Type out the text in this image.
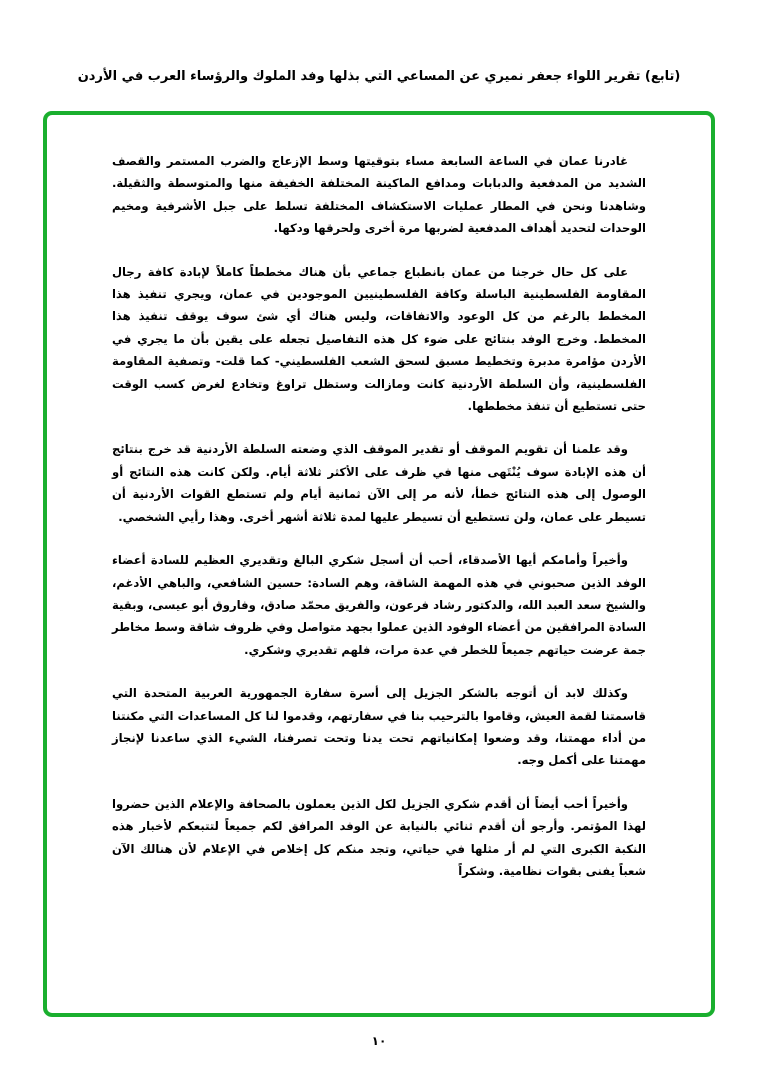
(تابع) تقرير اللواء جعفر نميري عن المساعي التي بذلها وفد الملوك والرؤساء العرب في الأردن

غادرنا عمان في الساعة السابعة مساء بتوقيتها وسط الإزعاج والضرب المستمر والقصف الشديد من المدفعية والدبابات ومدافع الماكينة المختلفة الخفيفة منها والمتوسطة والثقيلة. وشاهدنا ونحن في المطار عمليات الاستكشاف المختلفة تسلط على جبل الأشرفية ومخيم الوحدات لتحديد أهداف المدفعية لضربها مرة أخرى ولحرقها ودكها.

على كل حال خرجنا من عمان بانطباع جماعي بأن هناك مخططاً كاملاً لإبادة كافة رجال المقاومة الفلسطينية الباسلة وكافة الفلسطينيين الموجودين في عمان، ويجري تنفيذ هذا المخطط بالرغم من كل الوعود والاتفاقات، وليس هناك أي شئ سوف يوقف تنفيذ هذا المخطط. وخرج الوفد بنتائج على ضوء كل هذه التفاصيل تجعله على يقين بأن ما يجري في الأردن مؤامرة مدبرة وتخطيط مسبق لسحق الشعب الفلسطيني- كما قلت- وتصفية المقاومة الفلسطينية، وأن السلطة الأردنية كانت ومازالت وستظل تراوغ وتخادع لغرض كسب الوقت حتى تستطيع أن تنفذ مخططها.

وقد علمنا أن تقويم الموقف أو تقدير الموقف الذي وضعته السلطة الأردنية قد خرج بنتائج أن هذه الإبادة سوف يُنْتَهى منها في ظرف على الأكثر ثلاثة أيام. ولكن كانت هذه النتائج أو الوصول إلى هذه النتائج خطأ، لأنه مر إلى الآن ثمانية أيام ولم تستطع القوات الأردنية أن تسيطر على عمان، ولن تستطيع أن تسيطر عليها لمدة ثلاثة أشهر أخرى. وهذا رأيي الشخصي.

وأخيراً وأمامكم أيها الأصدقاء، أحب أن أسجل شكري البالغ وتقديري العظيم للسادة أعضاء الوفد الذين صحبوني في هذه المهمة الشاقة، وهم السادة: حسين الشافعي، والباهي الأدغم، والشيخ سعد العبد الله، والدكتور رشاد فرعون، والفريق محمّد صادق، وفاروق أبو عيسى، وبقية السادة المرافقين من أعضاء الوفود الذين عملوا بجهد متواصل وفي ظروف شاقة وسط مخاطر جمة عرضت حياتهم جميعاً للخطر في عدة مرات، فلهم تقديري وشكري.

وكذلك لابد أن أتوجه بالشكر الجزيل إلى أسرة سفارة الجمهورية العربية المتحدة التي قاسمتنا لقمة العيش، وقاموا بالترحيب بنا في سفارتهم، وقدموا لنا كل المساعدات التي مكنتنا من أداء مهمتنا، وقد وضعوا إمكانياتهم تحت يدنا وتحت تصرفنا، الشيء الذي ساعدنا لإنجاز مهمتنا على أكمل وجه.

وأخيراً أحب أيضاً أن أقدم شكري الجزيل لكل الذين يعملون بالصحافة والإعلام الذين حضروا لهذا المؤتمر. وأرجو أن أقدم ثنائي بالنيابة عن الوفد المرافق لكم جميعاً لتتبعكم لأخبار هذه النكبة الكبرى التي لم أر مثلها في حياتي، وتجد منكم كل إخلاص في الإعلام لأن هنالك الآن شعباً يفنى بقوات نظامية. وشكراً

١٠
